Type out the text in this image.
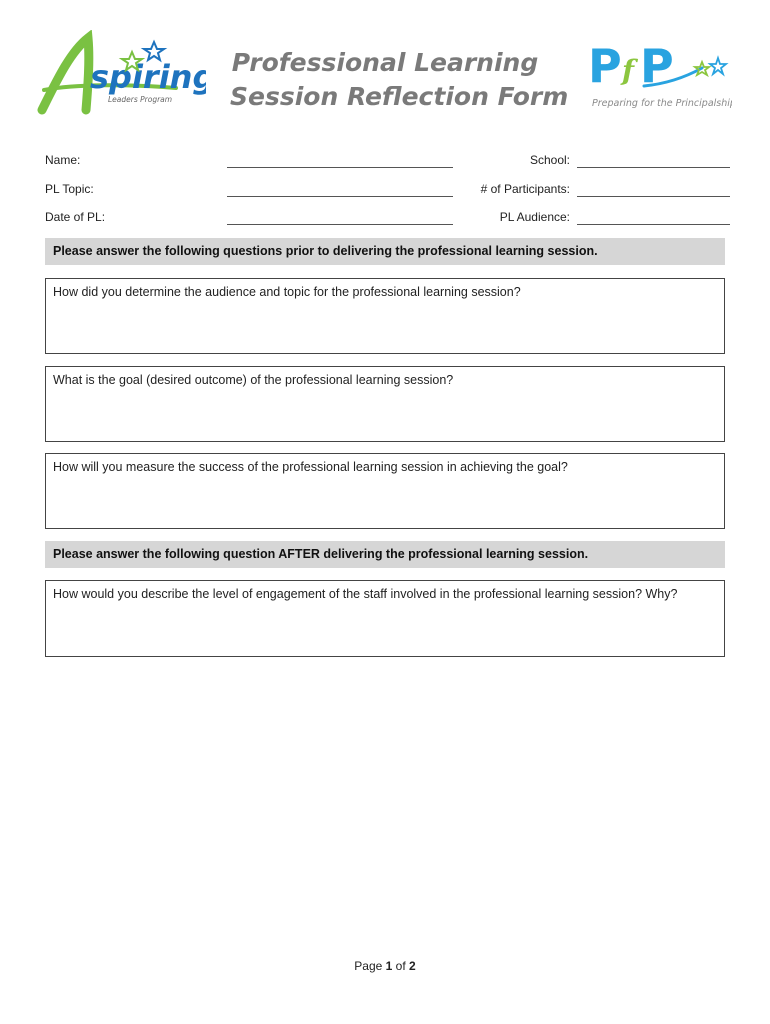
spiring
Leaders Program
Professional Learning
Session Reflection Form
P f P
Preparing for the Principalship
Name:
PL Topic:
Date of PL:
School:
# of Participants:
PL Audience:
Please answer the following questions prior to delivering the professional learning session.
How did you determine the audience and topic for the professional learning session?
What is the goal (desired outcome) of the professional learning session?
How will you measure the success of the professional learning session in achieving the goal?
Please answer the following question AFTER delivering the professional learning session.
How would you describe the level of engagement of the staff involved in the professional learning session? Why?
Page 1 of 2
